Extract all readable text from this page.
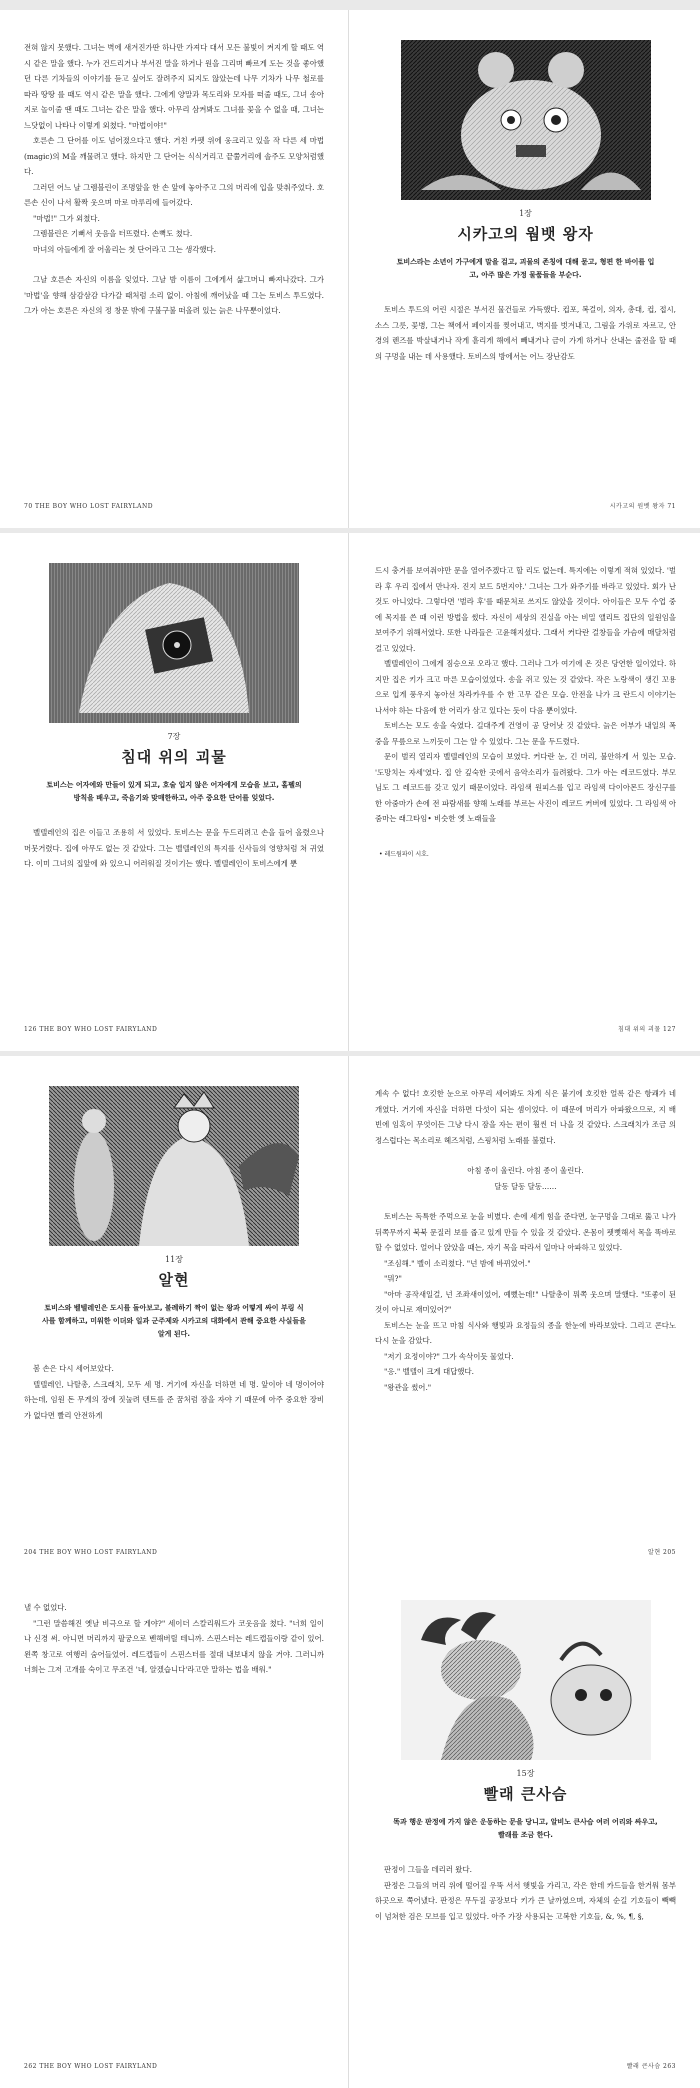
전혀 않지 못했다. 그녀는 벽에 새겨진가딴 하나만 가져다 대서 모든 불빛이 켜지게 할 때도 역시 같은 말을 했다. 누가 건드리거나 부서진 말을 하거나 원을 그리며 빠르게 도는 것을 좋아했던 다른 기차들의 이야기를 듣고 싶어도 잘려주지 되지도 않았는데 나무 기차가 나무 철로를 따라 땅땅 를 때도 역시 같은 말을 했다. 그에게 양말과 목도리와 모자를 떠줄 때도, 그녀 송아지로 놀이줄 땐 때도 그녀는 같은 말을 했다. 아무리 삼켜봐도 그녀를 꽃을 수 없을 때, 그녀는 느닷없이 나타나 이렇게 외쳤다. "마법이야!"

호른손 그 단어를 이도 넘어졌으다고 했다. 거친 카펫 위에 웅크리고 있을 작 다른 세 마법(magic)의 M을 깨물려고 했다. 하지만 그 단어는 식식거리고 끝쭐거리에 솔주도 모양처럼했다.

그러던 어느 날 그렘블린이 조명앞을 한 손 앞에 놓아주고 그의 머리에 입을 맞춰주었다. 호른손 신이 나서 활짝 웃으며 마로 마루리에 들어갔다.

"마법!" 그가 외쳤다.

그렘블린은 기뻐서 웃음을 터뜨렸다. 손뼉도 쳤다.

마녀의 아들에게 잘 어울리는 첫 단어라고 그는 생각했다.

그날 호른손 자신의 이름을 잊었다. 그날 밤 이름이 그에게서 삶그머니 빠져나갔다. 그가 '마법'을 향해 삼감삼감 다가갈 때처럼 소리 없이. 아침에 깨어났을 때 그는 토비스 투드였다. 그가 아는 호른은 자신의 정 창문 밖에 구불구불 떠올려 있는 늙은 나무뿐이었다.

70 THE BOY WHO LOST FAIRYLAND
1장
시카고의 웜뱃 왕자
토비스라는 소년이 가구에게 말을 걸고, 괴물의 존칭에 대해 묻고, 형편 한 바이를 입고, 아주 많은 가정 물품들을 부순다.

토비스 투드의 어린 시절은 부서진 물건들로 가득했다. 컵포, 복걸이, 의자, 총대, 컵, 접시, 소스 그릇, 꽃병, 그는 책에서 페이지를 찢어내고, 벽지를 벗겨내고, 그림을 가위로 자르고, 안경의 렌즈를 박살내거나 작게 흩리게 해에서 빼내거나 금이 가게 하거나 산내는 줄전을 할 때의 구멍을 내는 데 사용했다. 토비스의 방에서는 어느 장난감도

시카고의 원벳 왕자 71
7장
침대 위의 괴물
토비스는 어자에와 만들이 있게 되고, 호술 입지 않은 어자에게 모습을 보고, 홀펠의 방칙을 배우고, 죽음기와 맞매한하고, 아주 중요한 단어를 잊었다.

벨텔레인의 집은 이들고 조용히 서 있었다. 토비스는 문을 두드리려고 손을 들어 올렸으나 머뭇거렸다. 집에 아무도 없는 것 같았다. 그는 벨텔레인의 특지를 신사들의 영향처럼 쳐 귀였다. 이미 그녀의 집앞에 와 있으니 어러워질 것이기는 했다. 벨텔레인이 토비스에게 뿐

126 THE BOY WHO LOST FAIRYLAND

드시 충거를 보여줘야만 문을 열어주겠다고 할 리도 없는데. 특지에는 이렇게 적혀 있었다. '벌라 후 우리 집에서 만나자. 진지 보드 5번지야.' 그녀는 그가 와주기를 바라고 있었다. 회가 난 것도 아니었다. 그렇다면 '벌라 후'를 때문처로 쓰지도 않았을 것이다. 아이들은 모두 수업 중에 목지를 쓴 때 이런 방법을 썼다. 자신이 세상의 진실을 아는 비밀 앨리트 집단의 일원임을 보여주기 위해서였다. 또한 나라들은 고윤해지셨다. 그래서 커다란 걸창들을 가슴에 매달처럼 걸고 있었다.

벨텔레인이 그에게 짐승으로 오라고 했다. 그러나 그가 여기에 온 것은 당연한 일이었다. 하지만 집은 키가 크고 마른 모습이었었다. 송을 쥐고 있는 것 같았다. 작은 노랑색이 생긴 꼬용으로 입게 풍우지 놓아선 차라카우를 수 한 고무 같은 모습. 안전을 나가 크 란드시 이야기는 나서야 하는 다음에 한 어리가 삼고 있다는 듯이 다음 뿐이었다.

토비스는 모도 송을 숙였다. 길대주게 건영이 공 당어낫 것 같았다. 늙은 어부가 내일의 폭중을 무릎으로 느끼듯이 그는 알 수 있었다. 그는 문을 두드렸다.

문이 벌컥 열리자 벨텔레인의 모습이 보였다. 커다란 눈, 긴 머리, 불안하게 서 있는 모습. '도망치는 자세'였다. 집 안 깊숙한 곳에서 음악소리가 들려왔다. 그가 아는 레코드였다. 부모님도 그 레코드를 갖고 있기 때문이었다. 라임색 원피스를 입고 라임색 다이아몬드 장신구를 한 아줌마가 손에 전 파람새를 향해 노래를 부르는 사진이 레코드 커버에 있었다. 그 라임색 아줌마는 래그타임• 비슷한 옛 노래들을

• 레드웜파이 시호.
침대 위의 괴물 127
11장
알현
토비스와 벨텔레인은 도시를 돌아보고, 불례하기 짝이 없는 왕과 어떻게 싸이 부링 식사를 함께하고, 미워한 이더와 일과 군주제와 시카고의 대화에서 관해 중요한 사실들을 알게 된다.

봄 손은 다시 세어보았다.

텔텔레인, 나탈총, 스크래치, 모두 세 명. 거기에 자신을 더하면 네 명. 앞이아 네 명이어야 하는데, 임원 돈 무게의 장에 짓눌려 텐트를 준 꿈처럼 잠을 자야 기 때문에 아주 중요한 장비가 없다면 빨리 안전하게

204 THE BOY WHO LOST FAIRYLAND

계속 수 없다! 호킷한 눈으로 아무리 세어봐도 차게 식은 붙기에 호킷한 얼록 같은 항쾌가 네 개였다. 거기에 자신을 더하면 다섯이 되는 셈이었다. 이 때문에 머리가 아파왔으므로, 지 배 빈에 임혹이 무엇이든 그냥 다시 잠을 자는 편이 훨씬 더 나을 것 같았다. 스크래치가 조금 의정스럽다는 목소리로 헤즈처럼, 스핑처럼 노래를 불렀다.

아침 종이 울린다. 아침 종이 울린다.

달동 달동 달동……

토비스는 독특한 주먹으로 눈을 비볐다. 손에 세게 힘을 준다면, 눈구멍을 그대로 뚫고 나가 뒤쪽무까지 북북 문질러 보를 줍고 있게 만들 수 있을 것 같았다. 온몸이 펫뻣해서 목을 똑바로 할 수 없었다. 얼어나 앉았을 때는, 자기 목을 따라서 일마나 아파하고 있었다.

"조심해." 벨이 소리쳤다. "넌 밤에 바뀌었어."

"뭐?"

"아마 공작새일걸, 넌 조좌새이었어, 예뻤는데!" 나탈총이 뭐쪽 웃으며 말했다. "또좋이 된 것이 아니로 재미있어?"

토비스는 눈을 뜨고 마침 식사와 행빛과 요정들의 종을 한눈에 바라보았다. 그리고 콘다노 다시 눈을 감았다.

"저기 요정이야?" 그가 속삭이듯 물었다.

"응." 벨텔이 크게 대답했다.

"왕관을 썼어."

알현 205

낼 수 없었다.

"그런 말씀해진 옛날 비극으로 할 게야?" 세이더 스칼리워드가 코웃음을 쳤다. "너희 일이나 신경 써. 아니면 머리까지 팔궁으로 벤해버릴 테니까. 스핀스터는 레드캡들이랑 같이 있어. 왼쪽 창고로 여행러 숨어들었어. 레드캡들이 스핀스터를 절대 내보내지 않을 거야. 그러니까 너희는 그저 고개를 숙이고 무조건 '네, 알겠습니다'라고만 말하는 법을 배워."

262 THE BOY WHO LOST FAIRYLAND
15장
빨래 큰사슴
똑과 행운 판정에 가지 않은 운동하는 문을 당니고, 알비노 큰사슴 여러 어리와 싸우고, 빨래를 조금 한다.

판정이 그들을 데리러 왔다.

판정은 그들의 머리 위에 떨어질 우뚝 서서 햇빛을 가리고, 각은 한데 카드들을 한거워 몸부 하곳으로 쭉어냈다. 판정은 무두질 공장보다 키가 큰 날까였으며, 자체의 순길 기호들이 빽빽이 넘쳐한 검은 모브를 입고 있었다. 아주 가장 사용되는 고복한 기호들, &, %, ¶, §,

빨래 큰사슴 263
